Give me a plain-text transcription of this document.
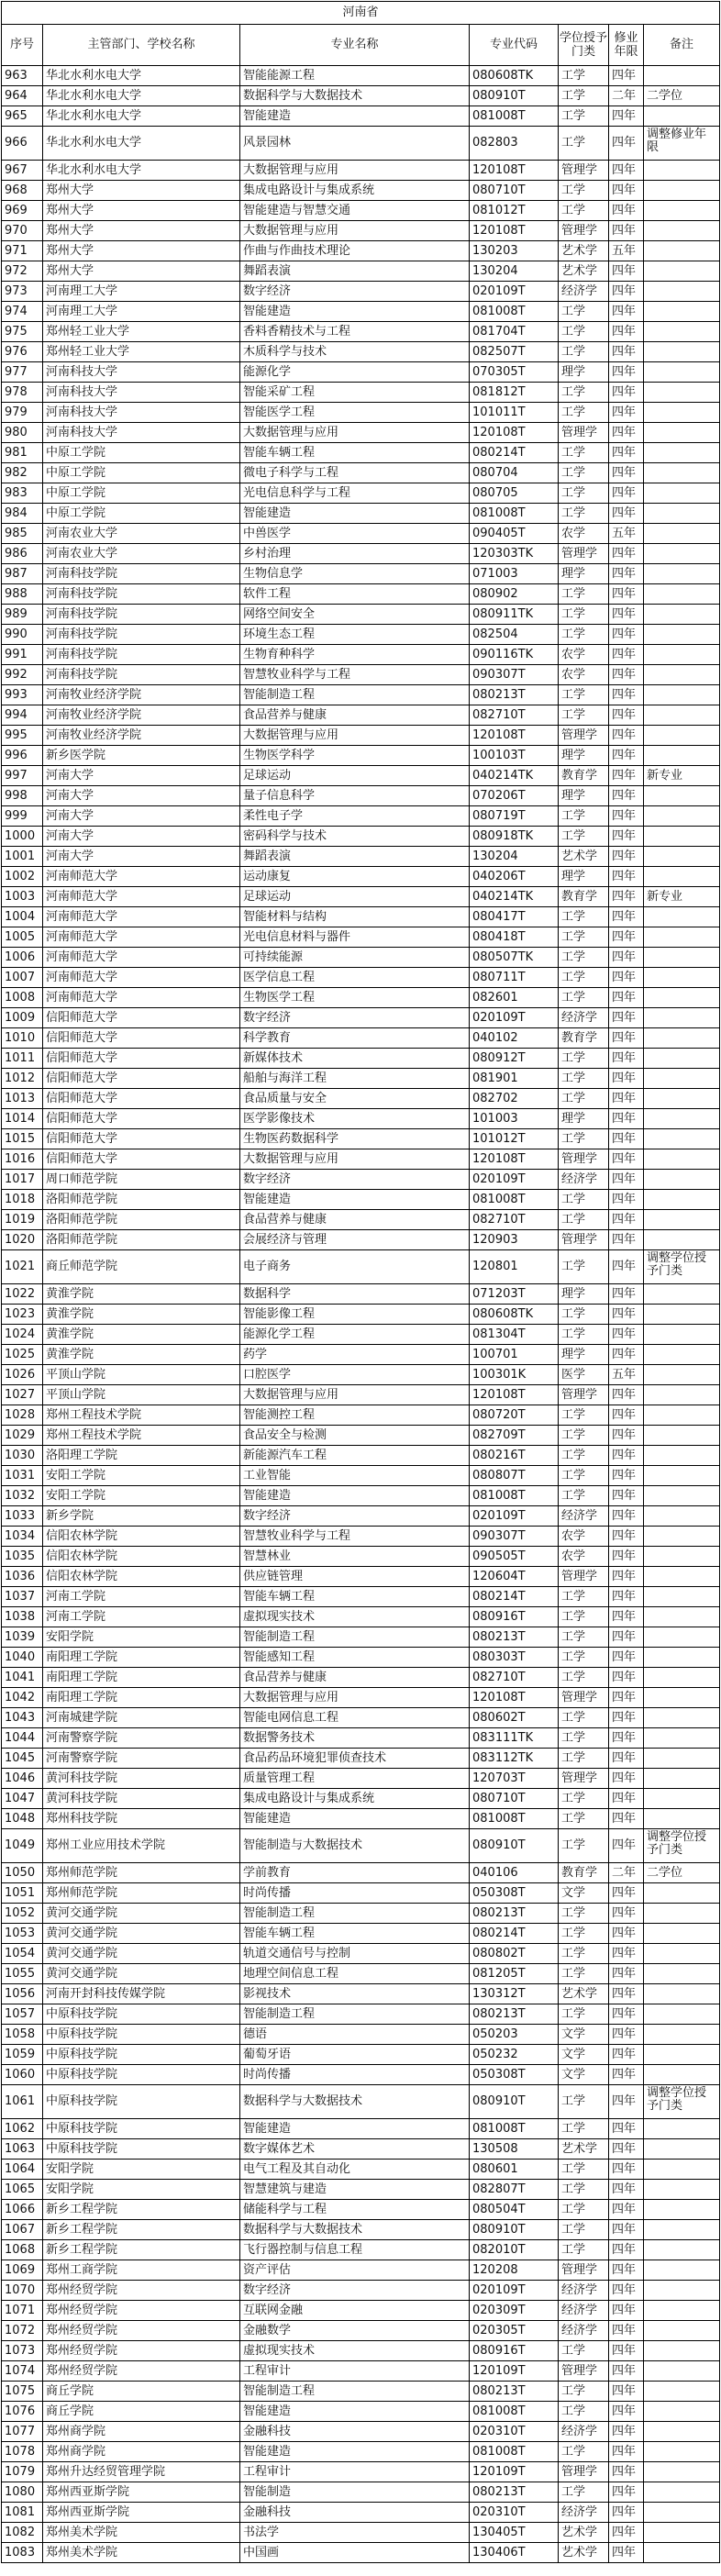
河南省						
序号	主管部门、学校名称	专业名称	专业代码	学位授予门类	修业年限	备注
963	华北水利水电大学	智能能源工程	080608TK	工学	四年	
964	华北水利水电大学	数据科学与大数据技术	080910T	工学	二年	二学位
965	华北水利水电大学	智能建造	081008T	工学	四年	
966	华北水利水电大学	风景园林	082803	工学	四年	调整修业年限
967	华北水利水电大学	大数据管理与应用	120108T	管理学	四年	
968	郑州大学	集成电路设计与集成系统	080710T	工学	四年	
969	郑州大学	智能建造与智慧交通	081012T	工学	四年	
970	郑州大学	大数据管理与应用	120108T	管理学	四年	
971	郑州大学	作曲与作曲技术理论	130203	艺术学	五年	
972	郑州大学	舞蹈表演	130204	艺术学	四年	
973	河南理工大学	数字经济	020109T	经济学	四年	
974	河南理工大学	智能建造	081008T	工学	四年	
975	郑州轻工业大学	香料香精技术与工程	081704T	工学	四年	
976	郑州轻工业大学	木质科学与技术	082507T	工学	四年	
977	河南科技大学	能源化学	070305T	理学	四年	
978	河南科技大学	智能采矿工程	081812T	工学	四年	
979	河南科技大学	智能医学工程	101011T	工学	四年	
980	河南科技大学	大数据管理与应用	120108T	管理学	四年	
981	中原工学院	智能车辆工程	080214T	工学	四年	
982	中原工学院	微电子科学与工程	080704	工学	四年	
983	中原工学院	光电信息科学与工程	080705	工学	四年	
984	中原工学院	智能建造	081008T	工学	四年	
985	河南农业大学	中兽医学	090405T	农学	五年	
986	河南农业大学	乡村治理	120303TK	管理学	四年	
987	河南科技学院	生物信息学	071003	理学	四年	
988	河南科技学院	软件工程	080902	工学	四年	
989	河南科技学院	网络空间安全	080911TK	工学	四年	
990	河南科技学院	环境生态工程	082504	工学	四年	
991	河南科技学院	生物育种科学	090116TK	农学	四年	
992	河南科技学院	智慧牧业科学与工程	090307T	农学	四年	
993	河南牧业经济学院	智能制造工程	080213T	工学	四年	
994	河南牧业经济学院	食品营养与健康	082710T	工学	四年	
995	河南牧业经济学院	大数据管理与应用	120108T	管理学	四年	
996	新乡医学院	生物医学科学	100103T	理学	四年	
997	河南大学	足球运动	040214TK	教育学	四年	新专业
998	河南大学	量子信息科学	070206T	理学	四年	
999	河南大学	柔性电子学	080719T	工学	四年	
1000	河南大学	密码科学与技术	080918TK	工学	四年	
1001	河南大学	舞蹈表演	130204	艺术学	四年	
1002	河南师范大学	运动康复	040206T	理学	四年	
1003	河南师范大学	足球运动	040214TK	教育学	四年	新专业
1004	河南师范大学	智能材料与结构	080417T	工学	四年	
1005	河南师范大学	光电信息材料与器件	080418T	工学	四年	
1006	河南师范大学	可持续能源	080507TK	工学	四年	
1007	河南师范大学	医学信息工程	080711T	工学	四年	
1008	河南师范大学	生物医学工程	082601	工学	四年	
1009	信阳师范大学	数字经济	020109T	经济学	四年	
1010	信阳师范大学	科学教育	040102	教育学	四年	
1011	信阳师范大学	新媒体技术	080912T	工学	四年	
1012	信阳师范大学	船舶与海洋工程	081901	工学	四年	
1013	信阳师范大学	食品质量与安全	082702	工学	四年	
1014	信阳师范大学	医学影像技术	101003	理学	四年	
1015	信阳师范大学	生物医药数据科学	101012T	工学	四年	
1016	信阳师范大学	大数据管理与应用	120108T	管理学	四年	
1017	周口师范学院	数字经济	020109T	经济学	四年	
1018	洛阳师范学院	智能建造	081008T	工学	四年	
1019	洛阳师范学院	食品营养与健康	082710T	工学	四年	
1020	洛阳师范学院	会展经济与管理	120903	管理学	四年	
1021	商丘师范学院	电子商务	120801	工学	四年	调整学位授予门类
1022	黄淮学院	数据科学	071203T	理学	四年	
1023	黄淮学院	智能影像工程	080608TK	工学	四年	
1024	黄淮学院	能源化学工程	081304T	工学	四年	
1025	黄淮学院	药学	100701	理学	四年	
1026	平顶山学院	口腔医学	100301K	医学	五年	
1027	平顶山学院	大数据管理与应用	120108T	管理学	四年	
1028	郑州工程技术学院	智能测控工程	080720T	工学	四年	
1029	郑州工程技术学院	食品安全与检测	082709T	工学	四年	
1030	洛阳理工学院	新能源汽车工程	080216T	工学	四年	
1031	安阳工学院	工业智能	080807T	工学	四年	
1032	安阳工学院	智能建造	081008T	工学	四年	
1033	新乡学院	数字经济	020109T	经济学	四年	
1034	信阳农林学院	智慧牧业科学与工程	090307T	农学	四年	
1035	信阳农林学院	智慧林业	090505T	农学	四年	
1036	信阳农林学院	供应链管理	120604T	管理学	四年	
1037	河南工学院	智能车辆工程	080214T	工学	四年	
1038	河南工学院	虚拟现实技术	080916T	工学	四年	
1039	安阳学院	智能制造工程	080213T	工学	四年	
1040	南阳理工学院	智能感知工程	080303T	工学	四年	
1041	南阳理工学院	食品营养与健康	082710T	工学	四年	
1042	南阳理工学院	大数据管理与应用	120108T	管理学	四年	
1043	河南城建学院	智能电网信息工程	080602T	工学	四年	
1044	河南警察学院	数据警务技术	083111TK	工学	四年	
1045	河南警察学院	食品药品环境犯罪侦查技术	083112TK	工学	四年	
1046	黄河科技学院	质量管理工程	120703T	管理学	四年	
1047	黄河科技学院	集成电路设计与集成系统	080710T	工学	四年	
1048	郑州科技学院	智能建造	081008T	工学	四年	
1049	郑州工业应用技术学院	智能制造与大数据技术	080910T	工学	四年	调整学位授予门类
1050	郑州师范学院	学前教育	040106	教育学	二年	二学位
1051	郑州师范学院	时尚传播	050308T	文学	四年	
1052	黄河交通学院	智能制造工程	080213T	工学	四年	
1053	黄河交通学院	智能车辆工程	080214T	工学	四年	
1054	黄河交通学院	轨道交通信号与控制	080802T	工学	四年	
1055	黄河交通学院	地理空间信息工程	081205T	工学	四年	
1056	河南开封科技传媒学院	影视技术	130312T	艺术学	四年	
1057	中原科技学院	智能制造工程	080213T	工学	四年	
1058	中原科技学院	德语	050203	文学	四年	
1059	中原科技学院	葡萄牙语	050232	文学	四年	
1060	中原科技学院	时尚传播	050308T	文学	四年	
1061	中原科技学院	数据科学与大数据技术	080910T	工学	四年	调整学位授予门类
1062	中原科技学院	智能建造	081008T	工学	四年	
1063	中原科技学院	数字媒体艺术	130508	艺术学	四年	
1064	安阳学院	电气工程及其自动化	080601	工学	四年	
1065	安阳学院	智慧建筑与建造	082807T	工学	四年	
1066	新乡工程学院	储能科学与工程	080504T	工学	四年	
1067	新乡工程学院	数据科学与大数据技术	080910T	工学	四年	
1068	新乡工程学院	飞行器控制与信息工程	082010T	工学	四年	
1069	郑州工商学院	资产评估	120208	管理学	四年	
1070	郑州经贸学院	数字经济	020109T	经济学	四年	
1071	郑州经贸学院	互联网金融	020309T	经济学	四年	
1072	郑州经贸学院	金融数学	020305T	经济学	四年	
1073	郑州经贸学院	虚拟现实技术	080916T	工学	四年	
1074	郑州经贸学院	工程审计	120109T	管理学	四年	
1075	商丘学院	智能制造工程	080213T	工学	四年	
1076	商丘学院	智能建造	081008T	工学	四年	
1077	郑州商学院	金融科技	020310T	经济学	四年	
1078	郑州商学院	智能建造	081008T	工学	四年	
1079	郑州升达经贸管理学院	工程审计	120109T	管理学	四年	
1080	郑州西亚斯学院	智能制造	080213T	工学	四年	
1081	郑州西亚斯学院	金融科技	020310T	经济学	四年	
1082	郑州美术学院	书法学	130405T	艺术学	四年	
1083	郑州美术学院	中国画	130406T	艺术学	四年	
